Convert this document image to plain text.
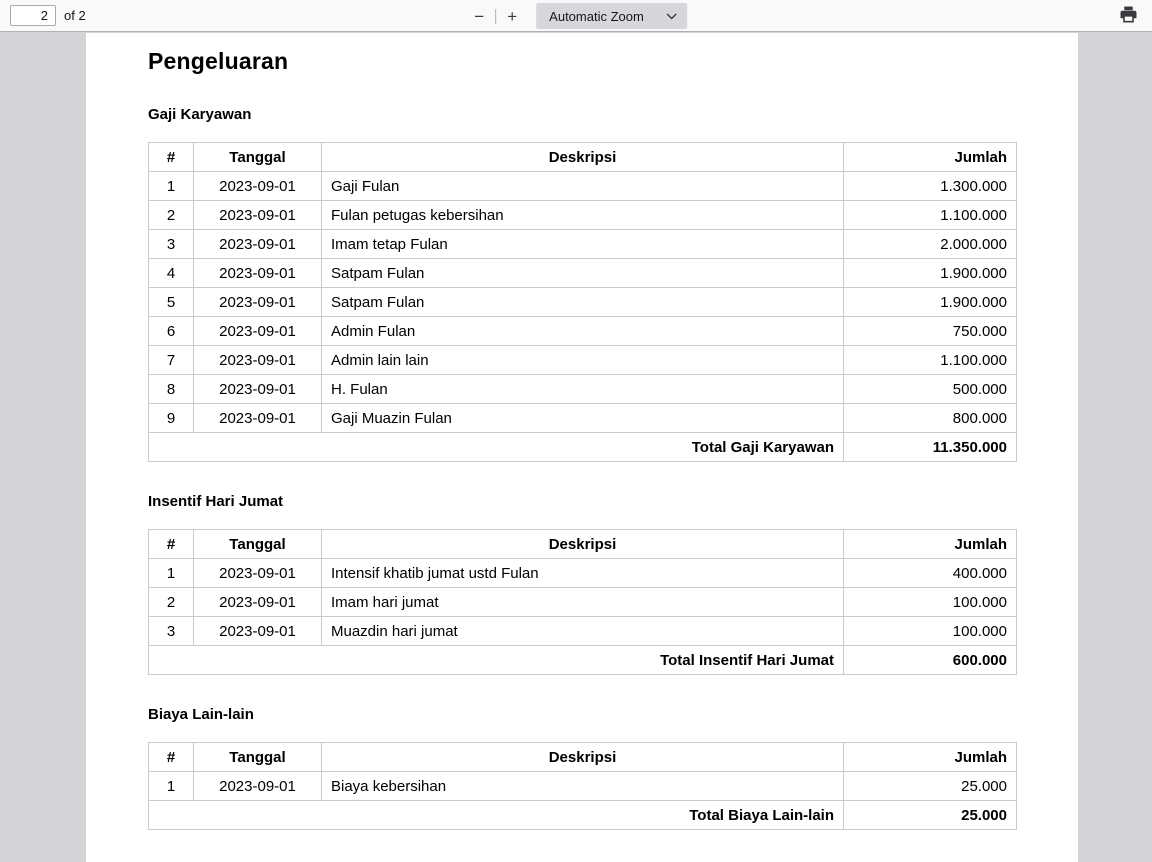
2
of 2	−	+	Automatic Zoom
Pengeluaran
Gaji Karyawan
#	Tanggal	Deskripsi	Jumlah
1	2023-09-01	Gaji Fulan	1.300.000
2	2023-09-01	Fulan petugas kebersihan	1.100.000
3	2023-09-01	Imam tetap Fulan	2.000.000
4	2023-09-01	Satpam Fulan	1.900.000
5	2023-09-01	Satpam Fulan	1.900.000
6	2023-09-01	Admin Fulan	750.000
7	2023-09-01	Admin lain lain	1.100.000
8	2023-09-01	H. Fulan	500.000
9	2023-09-01	Gaji Muazin Fulan	800.000
Total Gaji Karyawan			11.350.000
Insentif Hari Jumat
#	Tanggal	Deskripsi	Jumlah
1	2023-09-01	Intensif khatib jumat ustd Fulan	400.000
2	2023-09-01	Imam hari jumat	100.000
3	2023-09-01	Muazdin hari jumat	100.000
Total Insentif Hari Jumat			600.000
Biaya Lain-lain
#	Tanggal	Deskripsi	Jumlah
1	2023-09-01	Biaya kebersihan	25.000
Total Biaya Lain-lain			25.000
